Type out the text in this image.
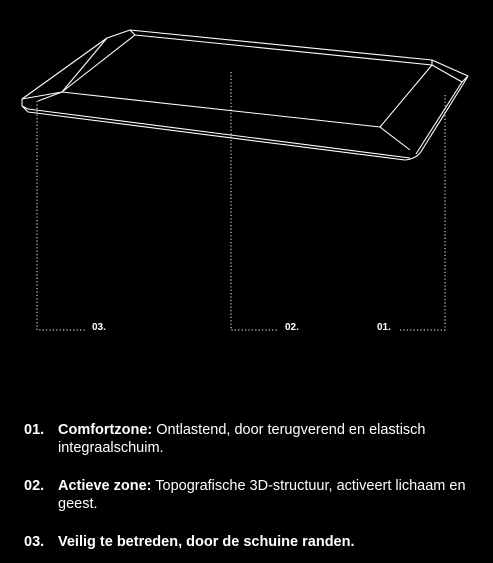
03.	02.	01.
01. Comfortzone: Ontlastend, door terugverend en elastisch integraalschuim.
02. Actieve zone: Topografische 3D-structuur, activeert lichaam en geest.
03. Veilig te betreden, door de schuine randen.
